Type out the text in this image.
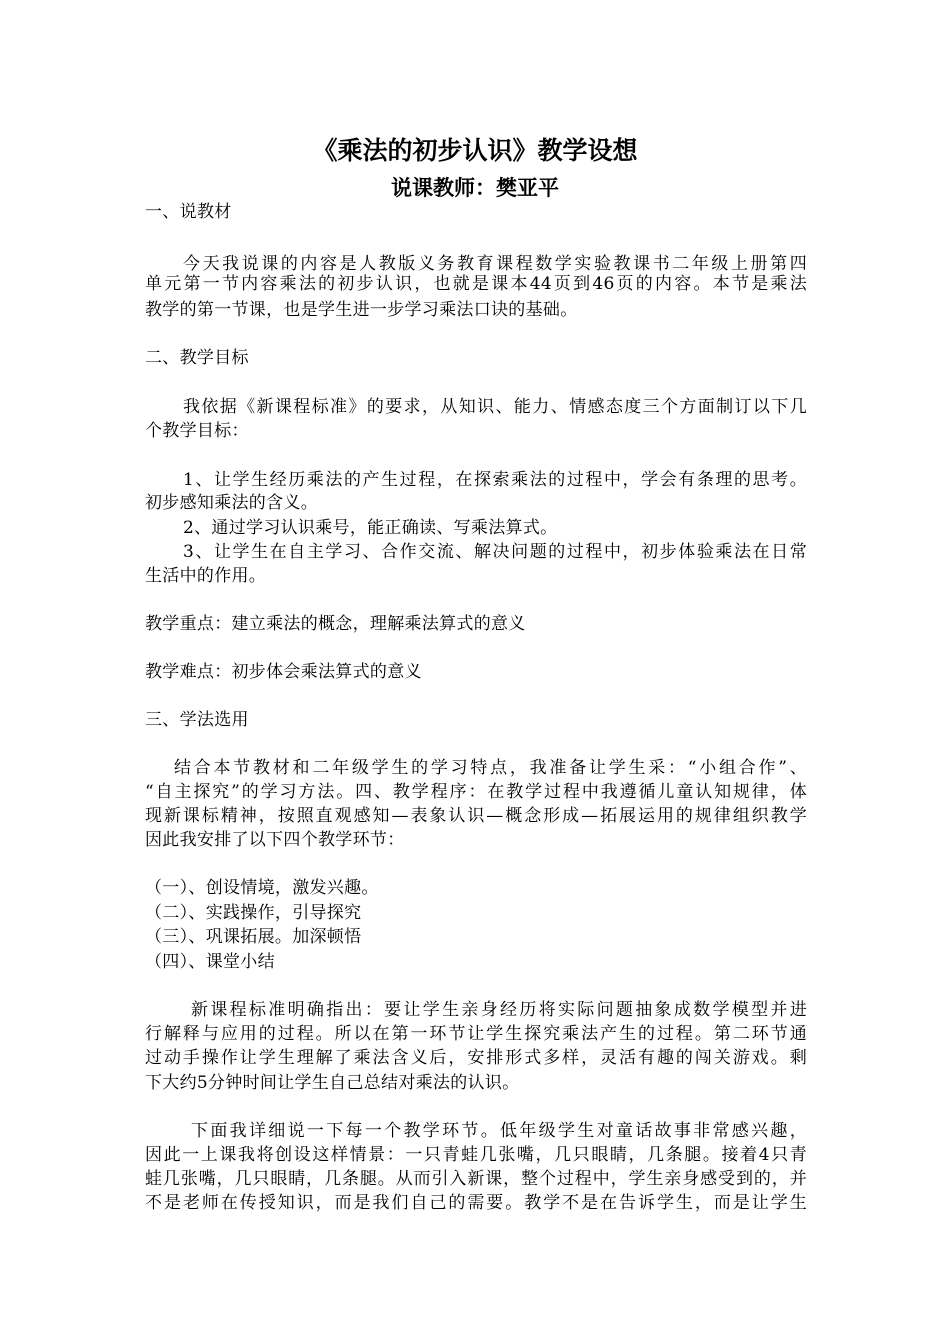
《乘法的初步认识》教学设想
说课教师：樊亚平
一、说教材
今天我说课的内容是人教版义务教育课程数学实验教课书二年级上册第四
单元第一节内容乘法的初步认识，也就是课本44页到46页的内容。本节是乘法
教学的第一节课，也是学生进一步学习乘法口诀的基础。
二、教学目标
我依据《新课程标准》的要求，从知识、能力、情感态度三个方面制订以下几
个教学目标：
1、让学生经历乘法的产生过程，在探索乘法的过程中，学会有条理的思考。
初步感知乘法的含义。
2、通过学习认识乘号，能正确读、写乘法算式。
3、让学生在自主学习、合作交流、解决问题的过程中，初步体验乘法在日常
生活中的作用。
教学重点：建立乘法的概念，理解乘法算式的意义
教学难点：初步体会乘法算式的意义
三、学法选用
结合本节教材和二年级学生的学习特点，我准备让学生采：“小组合作”、
“自主探究”的学习方法。四、教学程序：在教学过程中我遵循儿童认知规律，体
现新课标精神，按照直观感知—表象认识—概念形成—拓展运用的规律组织教学
因此我安排了以下四个教学环节：
（一）、创设情境，激发兴趣。
（二）、实践操作，引导探究
（三）、巩课拓展。加深顿悟
（四）、课堂小结
新课程标准明确指出：要让学生亲身经历将实际问题抽象成数学模型并进
行解释与应用的过程。所以在第一环节让学生探究乘法产生的过程。第二环节通
过动手操作让学生理解了乘法含义后，安排形式多样，灵活有趣的闯关游戏。剩
下大约5分钟时间让学生自己总结对乘法的认识。
下面我详细说一下每一个教学环节。低年级学生对童话故事非常感兴趣，
因此一上课我将创设这样情景：一只青蛙几张嘴，几只眼睛，几条腿。接着4只青
蛙几张嘴，几只眼睛，几条腿。从而引入新课，整个过程中，学生亲身感受到的，并
不是老师在传授知识，而是我们自己的需要。教学不是在告诉学生，而是让学生
